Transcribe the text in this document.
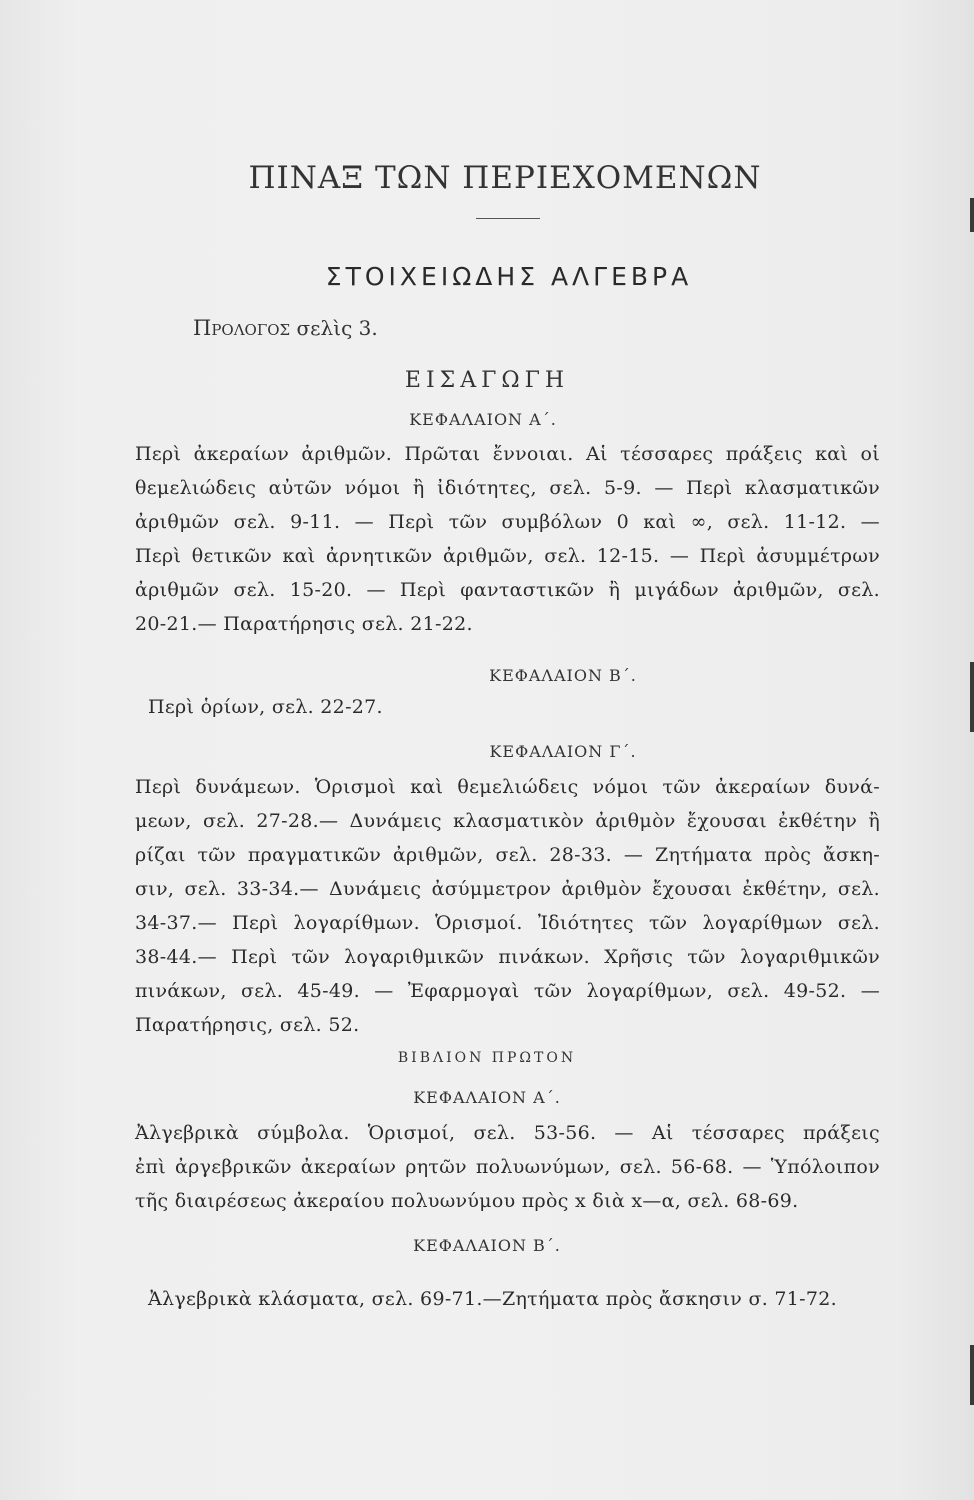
ΠΙΝΑΞ ΤΩΝ ΠΕΡΙΕΧΟΜΕΝΩΝ
ΣΤΟΙΧΕΙΩΔΗΣ ΑΛΓΕΒΡΑ
ΠΡΟΛΟΓΟΣ σελὶς 3.
ΕΙΣΑΓΩΓΗ
ΚΕΦΑΛΑΙΟΝ Α΄.
Περὶ ἀκεραίων ἀριθμῶν. Πρῶται ἔννοιαι. Αἱ τέσσαρες πράξεις καὶ οἱ
θεμελιώδεις αὐτῶν νόμοι ἢ ἰδιότητες, σελ. 5-9. — Περὶ κλασματικῶν
ἀριθμῶν σελ. 9-11. — Περὶ τῶν συμβόλων 0 καὶ ∞, σελ. 11-12. —
Περὶ θετικῶν καὶ ἀρνητικῶν ἀριθμῶν, σελ. 12-15. — Περὶ ἀσυμμέτρων
ἀριθμῶν σελ. 15-20. — Περὶ φανταστικῶν ἢ μιγάδων ἀριθμῶν, σελ.
20-21.— Παρατήρησις σελ. 21-22.
ΚΕΦΑΛΑΙΟΝ Β΄.
Περὶ ὁρίων, σελ. 22-27.
ΚΕΦΑΛΑΙΟΝ Γ΄.
Περὶ δυνάμεων. Ὁρισμοὶ καὶ θεμελιώδεις νόμοι τῶν ἀκεραίων δυνά-
μεων, σελ. 27-28.— Δυνάμεις κλασματικὸν ἀριθμὸν ἔχουσαι ἐκθέτην ἢ
ρίζαι τῶν πραγματικῶν ἀριθμῶν, σελ. 28-33. — Ζητήματα πρὸς ἄσκη-
σιν, σελ. 33-34.— Δυνάμεις ἀσύμμετρον ἀριθμὸν ἔχουσαι ἐκθέτην, σελ.
34-37.— Περὶ λογαρίθμων. Ὁρισμοί. Ἰδιότητες τῶν λογαρίθμων σελ.
38-44.— Περὶ τῶν λογαριθμικῶν πινάκων. Χρῆσις τῶν λογαριθμικῶν
πινάκων, σελ. 45-49. — Ἐφαρμογαὶ τῶν λογαρίθμων, σελ. 49-52. —
Παρατήρησις, σελ. 52.
ΒΙΒΛΙΟΝ ΠΡΩΤΟΝ
ΚΕΦΑΛΑΙΟΝ Α΄.
Ἀλγεβρικὰ σύμβολα. Ὁρισμοί, σελ. 53-56. — Αἱ τέσσαρες πράξεις
ἐπὶ ἀργεβρικῶν ἀκεραίων ρητῶν πολυωνύμων, σελ. 56-68. — Ὑπόλοιπον
τῆς διαιρέσεως ἀκεραίου πολυωνύμου πρὸς x διὰ x—α, σελ. 68-69.
ΚΕΦΑΛΑΙΟΝ Β΄.
Ἀλγεβρικὰ κλάσματα, σελ. 69-71.—Ζητήματα πρὸς ἄσκησιν σ. 71-72.
